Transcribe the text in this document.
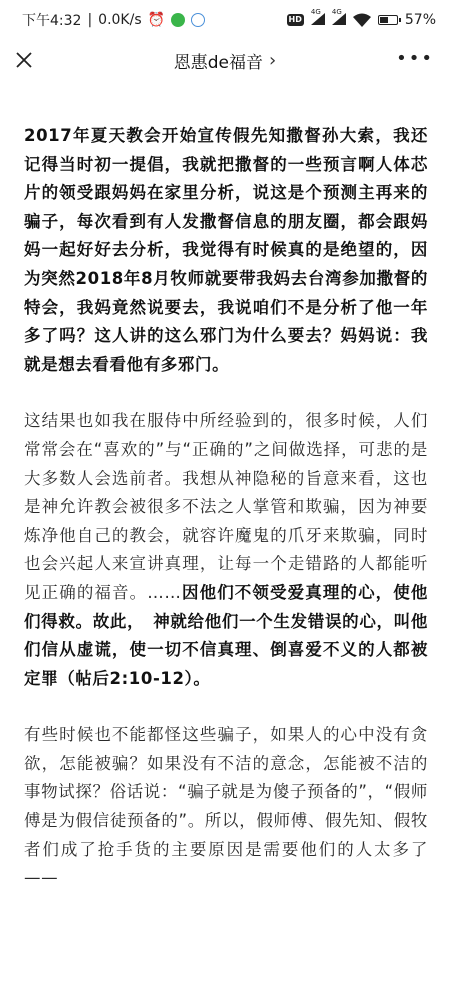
下午4:32 | 0.0K/s ⏰	HD
4G 4G	57%
恩惠de福音 ›	•••

2017年夏天教会开始宣传假先知撒督孙大索，我还记得当时初一提倡，我就把撒督的一些预言啊人体芯片的领受跟妈妈在家里分析，说这是个预测主再来的骗子，每次看到有人发撒督信息的朋友圈，都会跟妈妈一起好好去分析，我觉得有时候真的是绝望的，因为突然2018年8月牧师就要带我妈去台湾参加撒督的特会，我妈竟然说要去，我说咱们不是分析了他一年多了吗？这人讲的这么邪门为什么要去？妈妈说：我就是想去看看他有多邪门。

这结果也如我在服侍中所经验到的，很多时候，人们常常会在“喜欢的”与“正确的”之间做选择，可悲的是大多数人会选前者。我想从神隐秘的旨意来看，这也是神允许教会被很多不法之人掌管和欺骗，因为神要炼净他自己的教会，就容许魔鬼的爪牙来欺骗，同时也会兴起人来宣讲真理，让每一个走错路的人都能听见正确的福音。……因他们不领受爱真理的心，使他们得救。故此，　神就给他们一个生发错误的心，叫他们信从虚谎，使一切不信真理、倒喜爱不义的人都被定罪（帖后2:10-12）。

有些时候也不能都怪这些骗子，如果人的心中没有贪欲，怎能被骗？如果没有不洁的意念，怎能被不洁的事物试探？俗话说：“骗子就是为傻子预备的”，“假师傅是为假信徒预备的”。所以，假师傅、假先知、假牧者们成了抢手货的主要原因是需要他们的人太多了——
